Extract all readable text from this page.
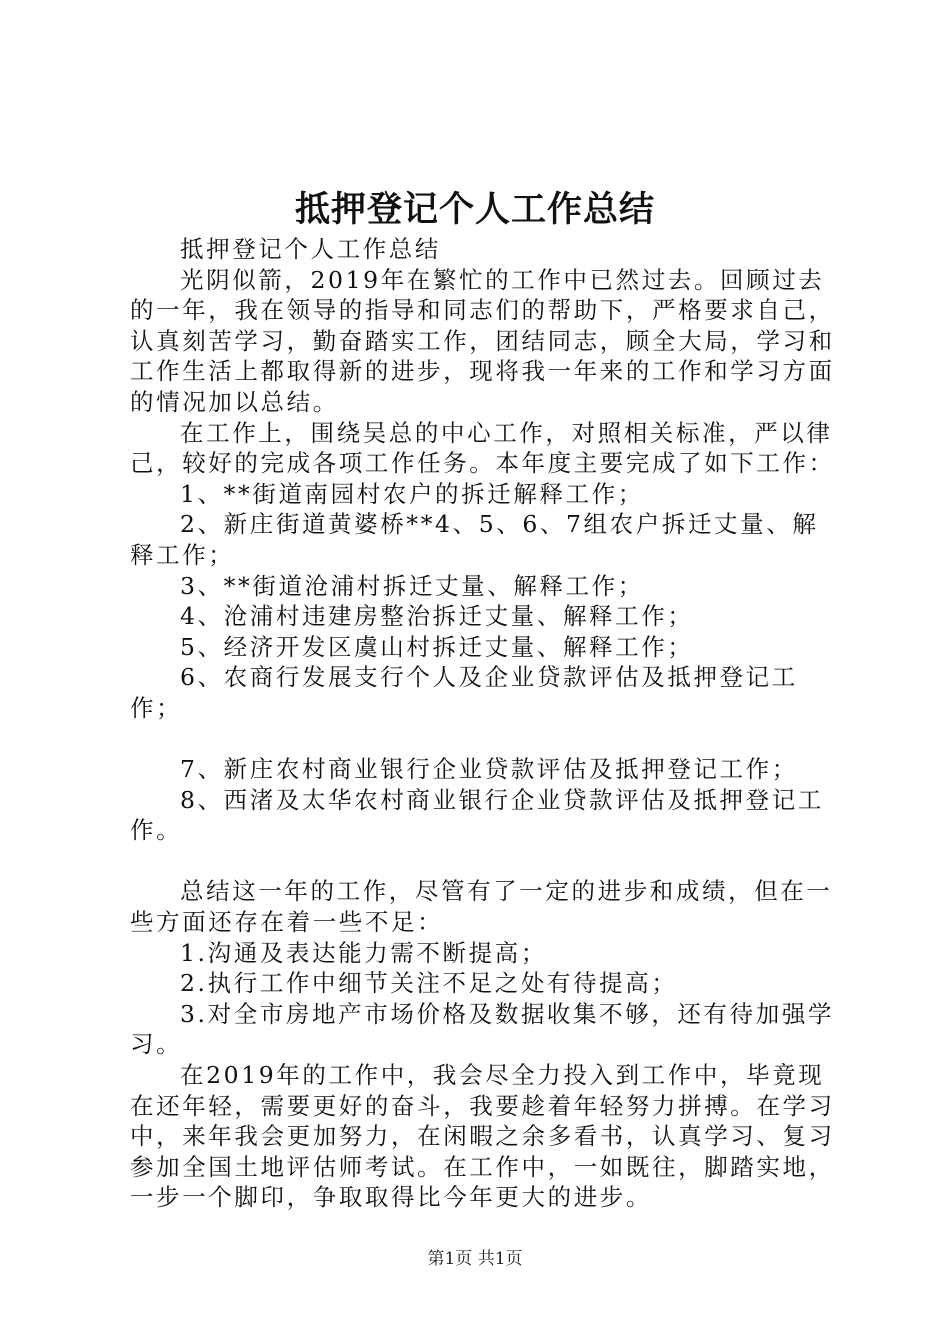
抵押登记个人工作总结

抵押登记个人工作总结

光阴似箭，2019年在繁忙的工作中已然过去。回顾过去的一年，我在领导的指导和同志们的帮助下，严格要求自己，认真刻苦学习，勤奋踏实工作，团结同志，顾全大局，学习和工作生活上都取得新的进步，现将我一年来的工作和学习方面的情况加以总结。

在工作上，围绕吴总的中心工作，对照相关标准，严以律己，较好的完成各项工作任务。本年度主要完成了如下工作：

1、**街道南园村农户的拆迁解释工作；

2、新庄街道黄婆桥**4、5、6、7组农户拆迁丈量、解释工作；

3、**街道沧浦村拆迁丈量、解释工作；

4、沧浦村违建房整治拆迁丈量、解释工作；

5、经济开发区虞山村拆迁丈量、解释工作；

6、农商行发展支行个人及企业贷款评估及抵押登记工作；

7、新庄农村商业银行企业贷款评估及抵押登记工作；

8、西渚及太华农村商业银行企业贷款评估及抵押登记工作。

总结这一年的工作，尽管有了一定的进步和成绩，但在一些方面还存在着一些不足：

1.沟通及表达能力需不断提高；

2.执行工作中细节关注不足之处有待提高；

3.对全市房地产市场价格及数据收集不够，还有待加强学习。

在2019年的工作中，我会尽全力投入到工作中，毕竟现在还年轻，需要更好的奋斗，我要趁着年轻努力拼搏。在学习中，来年我会更加努力，在闲暇之余多看书，认真学习、复习参加全国土地评估师考试。在工作中，一如既往，脚踏实地，一步一个脚印，争取取得比今年更大的进步。

第1页 共1页
